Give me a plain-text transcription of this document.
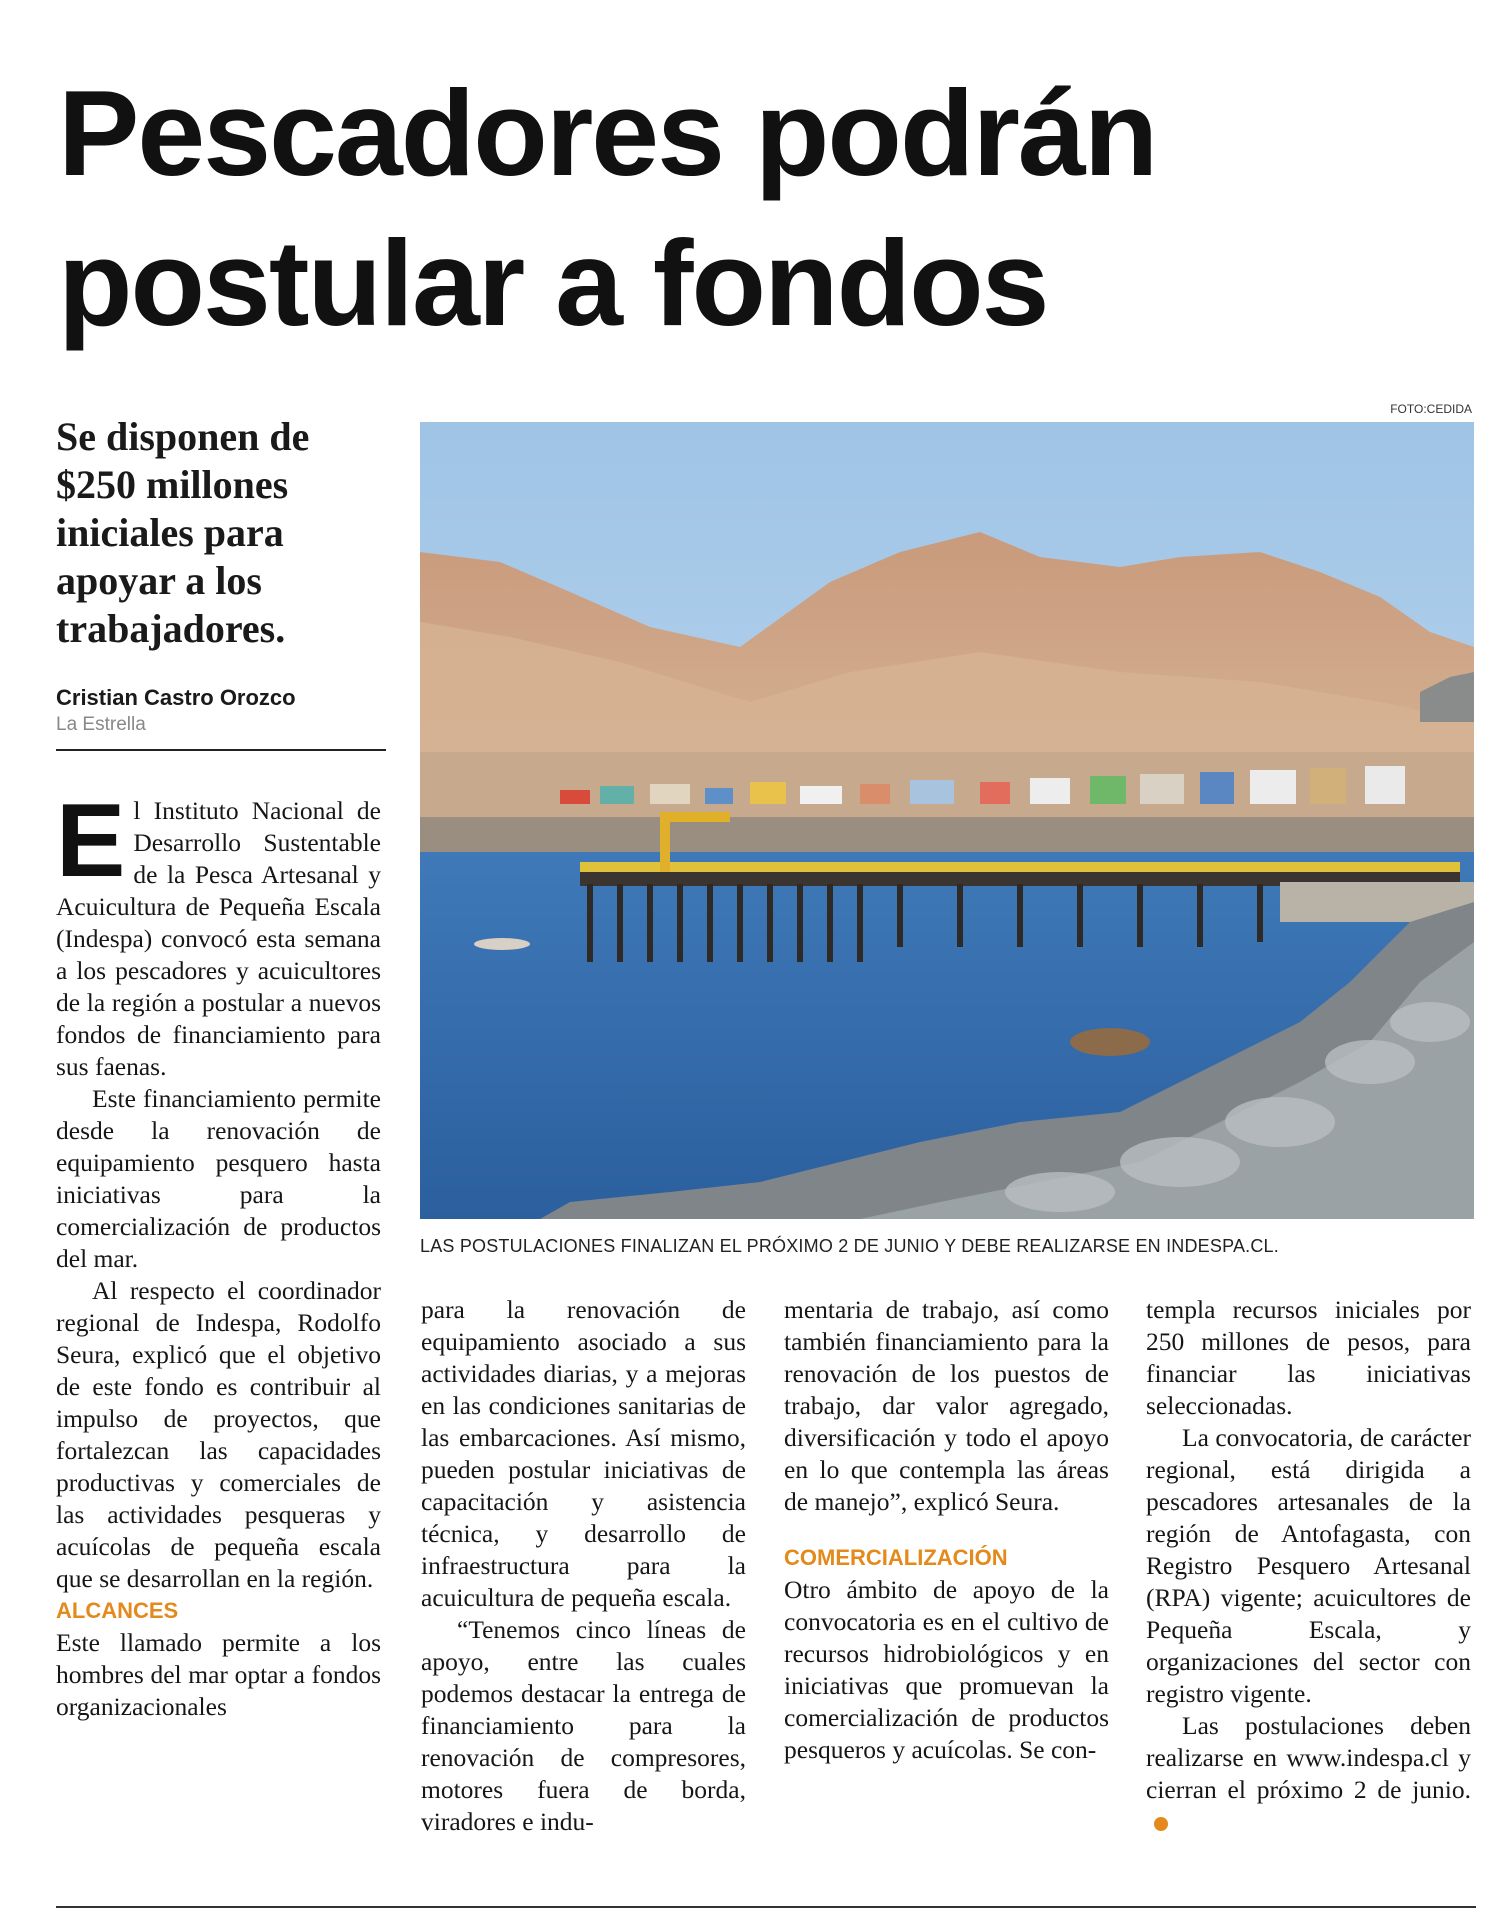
Pescadores podrán postular a fondos

Se disponen de $250 millones iniciales para apoyar a los trabajadores.

Cristian Castro Orozco
La Estrella
FOTO:CEDIDA
LAS POSTULACIONES FINALIZAN EL PRÓXIMO 2 DE JUNIO Y DEBE REALIZARSE EN INDESPA.CL.

E l Instituto Nacional de Desarrollo Sustentable de la Pesca Artesanal y Acuicultura de Pequeña Escala (Indespa) convocó esta semana a los pescadores y acuicultores de la región a postular a nuevos fondos de financiamiento para sus faenas.

Este financiamiento permite desde la renovación de equipamiento pesquero hasta iniciativas para la comercialización de productos del mar.

Al respecto el coordinador regional de Indespa, Rodolfo Seura, explicó que el objetivo de este fondo es contribuir al impulso de proyectos, que fortalezcan las capacidades productivas y comerciales de las actividades pesqueras y acuícolas de pequeña escala que se desarrollan en la región.

ALCANCES

Este llamado permite a los hombres del mar optar a fondos organizacionales

para la renovación de equipamiento asociado a sus actividades diarias, y a mejoras en las condiciones sanitarias de las embarcaciones. Así mismo, pueden postular iniciativas de capacitación y asistencia técnica, y desarrollo de infraestructura para la acuicultura de pequeña escala.

“Tenemos cinco líneas de apoyo, entre las cuales podemos destacar la entrega de financiamiento para la renovación de compresores, motores fuera de borda, viradores e indu-

mentaria de trabajo, así como también financiamiento para la renovación de los puestos de trabajo, dar valor agregado, diversificación y todo el apoyo en lo que contempla las áreas de manejo”, explicó Seura.

COMERCIALIZACIÓN

Otro ámbito de apoyo de la convocatoria es en el cultivo de recursos hidrobiológicos y en iniciativas que promuevan la comercialización de productos pesqueros y acuícolas. Se con-

templa recursos iniciales por 250 millones de pesos, para financiar las iniciativas seleccionadas.

La convocatoria, de carácter regional, está dirigida a pescadores artesanales de la región de Antofagasta, con Registro Pesquero Artesanal (RPA) vigente; acuicultores de Pequeña Escala, y organizaciones del sector con registro vigente.

Las postulaciones deben realizarse en www.indespa.cl y cierran el próximo 2 de junio.
